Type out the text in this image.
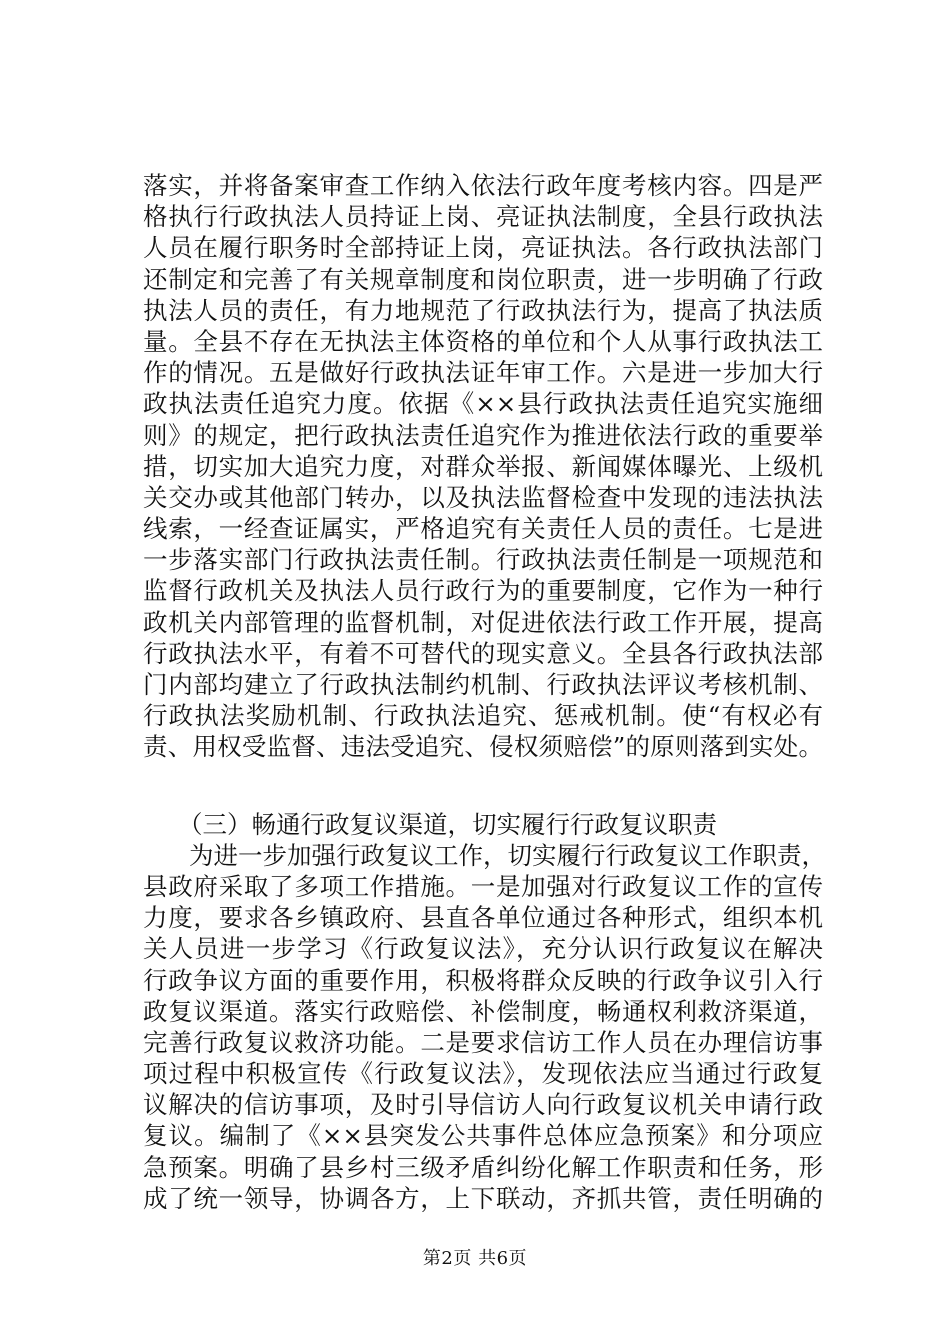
落实，并将备案审查工作纳入依法行政年度考核内容。四是严
格执行行政执法人员持证上岗、亮证执法制度，全县行政执法
人员在履行职务时全部持证上岗，亮证执法。各行政执法部门
还制定和完善了有关规章制度和岗位职责，进一步明确了行政
执法人员的责任，有力地规范了行政执法行为，提高了执法质
量。全县不存在无执法主体资格的单位和个人从事行政执法工
作的情况。五是做好行政执法证年审工作。六是进一步加大行
政执法责任追究力度。依据《××县行政执法责任追究实施细
则》的规定，把行政执法责任追究作为推进依法行政的重要举
措，切实加大追究力度，对群众举报、新闻媒体曝光、上级机
关交办或其他部门转办，以及执法监督检查中发现的违法执法
线索，一经查证属实，严格追究有关责任人员的责任。七是进
一步落实部门行政执法责任制。行政执法责任制是一项规范和
监督行政机关及执法人员行政行为的重要制度，它作为一种行
政机关内部管理的监督机制，对促进依法行政工作开展，提高
行政执法水平，有着不可替代的现实意义。全县各行政执法部
门内部均建立了行政执法制约机制、行政执法评议考核机制、
行政执法奖励机制、行政执法追究、惩戒机制。使“有权必有
责、用权受监督、违法受追究、侵权须赔偿”的原则落到实处。
（三）畅通行政复议渠道，切实履行行政复议职责
为进一步加强行政复议工作，切实履行行政复议工作职责，
县政府采取了多项工作措施。一是加强对行政复议工作的宣传
力度，要求各乡镇政府、县直各单位通过各种形式，组织本机
关人员进一步学习《行政复议法》，充分认识行政复议在解决
行政争议方面的重要作用，积极将群众反映的行政争议引入行
政复议渠道。落实行政赔偿、补偿制度，畅通权利救济渠道，
完善行政复议救济功能。二是要求信访工作人员在办理信访事
项过程中积极宣传《行政复议法》，发现依法应当通过行政复
议解决的信访事项，及时引导信访人向行政复议机关申请行政
复议。编制了《××县突发公共事件总体应急预案》和分项应
急预案。明确了县乡村三级矛盾纠纷化解工作职责和任务，形
成了统一领导，协调各方，上下联动，齐抓共管，责任明确的
第2页 共6页
